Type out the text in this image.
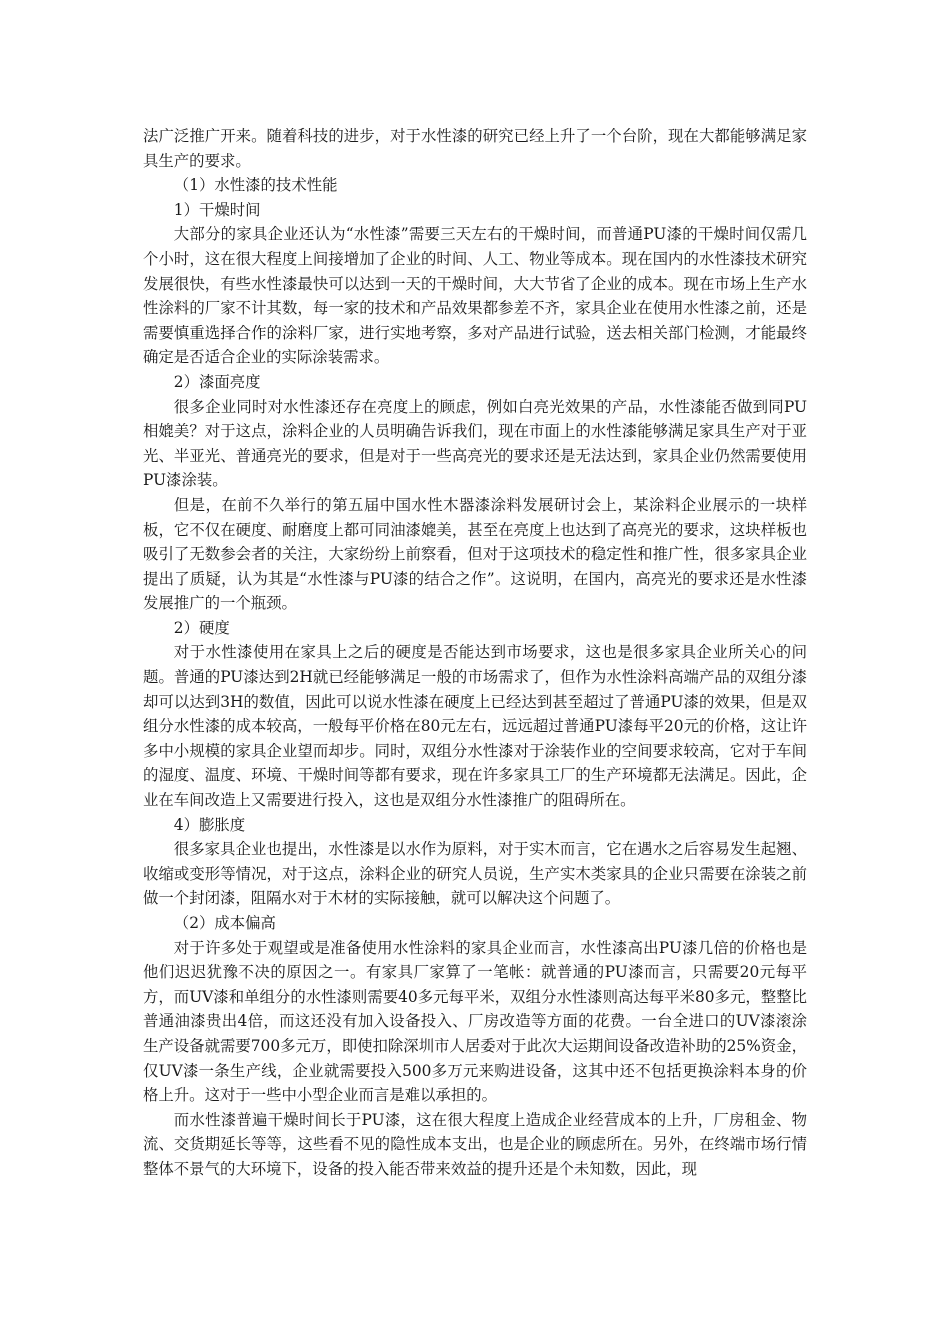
法广泛推广开来。随着科技的进步，对于水性漆的研究已经上升了一个台阶，现在大都能够满足家具生产的要求。

（1）水性漆的技术性能

1）干燥时间

大部分的家具企业还认为“水性漆”需要三天左右的干燥时间，而普通PU漆的干燥时间仅需几个小时，这在很大程度上间接增加了企业的时间、人工、物业等成本。现在国内的水性漆技术研究发展很快，有些水性漆最快可以达到一天的干燥时间，大大节省了企业的成本。现在市场上生产水性涂料的厂家不计其数，每一家的技术和产品效果都参差不齐，家具企业在使用水性漆之前，还是需要慎重选择合作的涂料厂家，进行实地考察，多对产品进行试验，送去相关部门检测，才能最终确定是否适合企业的实际涂装需求。

2）漆面亮度

很多企业同时对水性漆还存在亮度上的顾虑，例如白亮光效果的产品，水性漆能否做到同PU相媲美？对于这点，涂料企业的人员明确告诉我们，现在市面上的水性漆能够满足家具生产对于亚光、半亚光、普通亮光的要求，但是对于一些高亮光的要求还是无法达到，家具企业仍然需要使用PU漆涂装。

但是，在前不久举行的第五届中国水性木器漆涂料发展研讨会上，某涂料企业展示的一块样板，它不仅在硬度、耐磨度上都可同油漆媲美，甚至在亮度上也达到了高亮光的要求，这块样板也吸引了无数参会者的关注，大家纷纷上前察看，但对于这项技术的稳定性和推广性，很多家具企业提出了质疑，认为其是“水性漆与PU漆的结合之作”。这说明，在国内，高亮光的要求还是水性漆发展推广的一个瓶颈。

2）硬度

对于水性漆使用在家具上之后的硬度是否能达到市场要求，这也是很多家具企业所关心的问题。普通的PU漆达到2H就已经能够满足一般的市场需求了，但作为水性涂料高端产品的双组分漆却可以达到3H的数值，因此可以说水性漆在硬度上已经达到甚至超过了普通PU漆的效果，但是双组分水性漆的成本较高，一般每平价格在80元左右，远远超过普通PU漆每平20元的价格，这让许多中小规模的家具企业望而却步。同时，双组分水性漆对于涂装作业的空间要求较高，它对于车间的湿度、温度、环境、干燥时间等都有要求，现在许多家具工厂的生产环境都无法满足。因此，企业在车间改造上又需要进行投入，这也是双组分水性漆推广的阻碍所在。

4）膨胀度

很多家具企业也提出，水性漆是以水作为原料，对于实木而言，它在遇水之后容易发生起翘、收缩或变形等情况，对于这点，涂料企业的研究人员说，生产实木类家具的企业只需要在涂装之前做一个封闭漆，阻隔水对于木材的实际接触，就可以解决这个问题了。

（2）成本偏高

对于许多处于观望或是准备使用水性涂料的家具企业而言，水性漆高出PU漆几倍的价格也是他们迟迟犹豫不决的原因之一。有家具厂家算了一笔帐：就普通的PU漆而言，只需要20元每平方，而UV漆和单组分的水性漆则需要40多元每平米，双组分水性漆则高达每平米80多元，整整比普通油漆贵出4倍，而这还没有加入设备投入、厂房改造等方面的花费。一台全进口的UV漆滚涂生产设备就需要700多元万，即使扣除深圳市人居委对于此次大运期间设备改造补助的25%资金，仅UV漆一条生产线，企业就需要投入500多万元来购进设备，这其中还不包括更换涂料本身的价格上升。这对于一些中小型企业而言是难以承担的。

而水性漆普遍干燥时间长于PU漆，这在很大程度上造成企业经营成本的上升，厂房租金、物流、交货期延长等等，这些看不见的隐性成本支出，也是企业的顾虑所在。另外，在终端市场行情整体不景气的大环境下，设备的投入能否带来效益的提升还是个未知数，因此，现
